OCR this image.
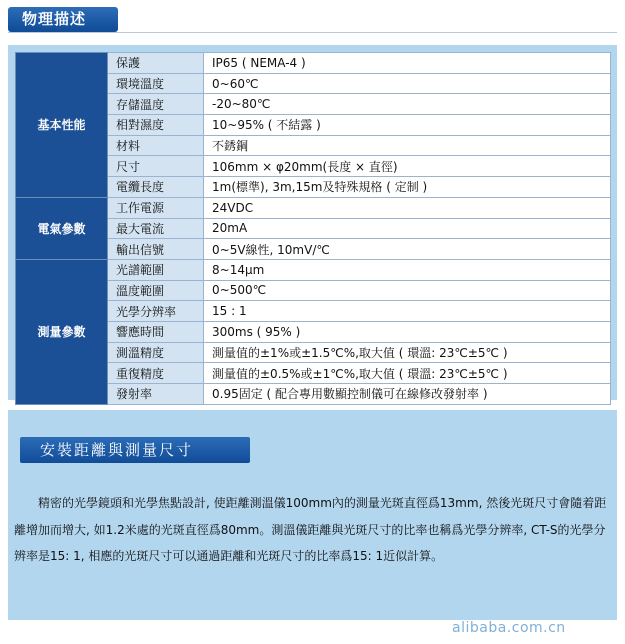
物理描述
基本性能	保護	IP65 ( NEMA-4 )
	環境溫度	0~60℃
	存儲溫度	-20~80℃
	相對濕度	10~95% ( 不結露 )
	材料	不銹鋼
	尺寸	106mm × φ20mm(長度 × 直徑)
	電纜長度	1m(標準), 3m,15m及特殊規格 ( 定制 )
電氣參數	工作電源	24VDC
	最大電流	20mA
	輸出信號	0~5V線性, 10mV/℃
測量參數	光譜範圍	8~14μm
	溫度範圍	0~500℃
	光學分辨率	15 : 1
	響應時間	300ms ( 95% )
	測溫精度	測量值的±1%或±1.5℃%,取大值 ( 環溫: 23℃±5℃ )
	重復精度	測量值的±0.5%或±1℃%,取大值 ( 環溫: 23℃±5℃ )
	發射率	0.95固定 ( 配合專用數顯控制儀可在線修改發射率 )
安裝距離與測量尺寸

　　精密的光學鏡頭和光學焦點設計, 使距離測溫儀100mm內的測量光斑直徑爲13mm, 然後光斑尺寸會隨着距離增加而增大, 如1.2米處的光斑直徑爲80mm。測溫儀距離與光斑尺寸的比率也稱爲光學分辨率, CT-S的光學分辨率是15: 1, 相應的光斑尺寸可以通過距離和光斑尺寸的比率爲15: 1近似計算。

alibaba.com.cn
